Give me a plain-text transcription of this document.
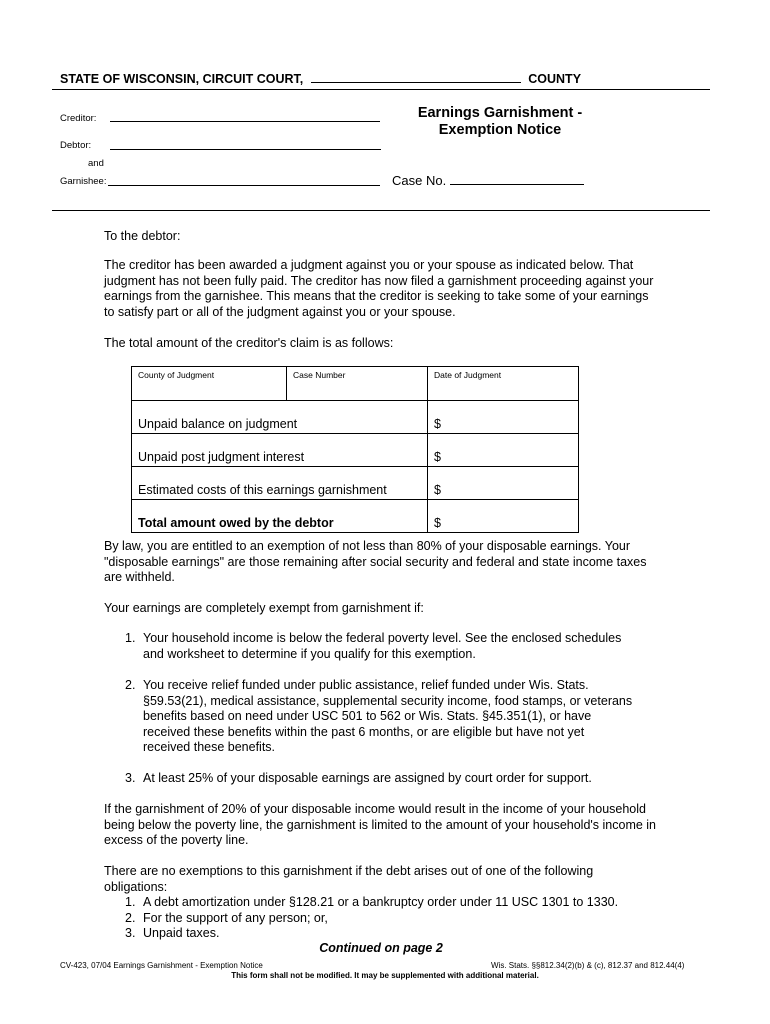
STATE OF WISCONSIN, CIRCUIT COURT,	COUNTY
Creditor:
Debtor:
and
Garnishee:
Earnings Garnishment -
Exemption Notice
Case No.
To the debtor:
The creditor has been awarded a judgment against you or your spouse as indicated below. That judgment has not been fully paid. The creditor has now filed a garnishment proceeding against your earnings from the garnishee. This means that the creditor is seeking to take some of your earnings to satisfy part or all of the judgment against you or your spouse.
The total amount of the creditor's claim is as follows:
County of Judgment	Case Number	Date of Judgment
Unpaid balance on judgment		$
Unpaid post judgment interest		$
Estimated costs of this earnings garnishment		$
Total amount owed by the debtor		$
By law, you are entitled to an exemption of not less than 80% of your disposable earnings. Your "disposable earnings" are those remaining after social security and federal and state income taxes are withheld.
Your earnings are completely exempt from garnishment if:
1. Your household income is below the federal poverty level. See the enclosed schedules and worksheet to determine if you qualify for this exemption.
2. You receive relief funded under public assistance, relief funded under Wis. Stats. §59.53(21), medical assistance, supplemental security income, food stamps, or veterans benefits based on need under USC 501 to 562 or Wis. Stats. §45.351(1), or have received these benefits within the past 6 months, or are eligible but have not yet received these benefits.
3. At least 25% of your disposable earnings are assigned by court order for support.
If the garnishment of 20% of your disposable income would result in the income of your household being below the poverty line, the garnishment is limited to the amount of your household's income in excess of the poverty line.
There are no exemptions to this garnishment if the debt arises out of one of the following obligations:
1. A debt amortization under §128.21 or a bankruptcy order under 11 USC 1301 to 1330.
2. For the support of any person; or,
3. Unpaid taxes.
Continued on page 2
CV-423, 07/04 Earnings Garnishment - Exemption Notice	Wis. Stats. §§812.34(2)(b) & (c), 812.37 and 812.44(4)
This form shall not be modified. It may be supplemented with additional material.
